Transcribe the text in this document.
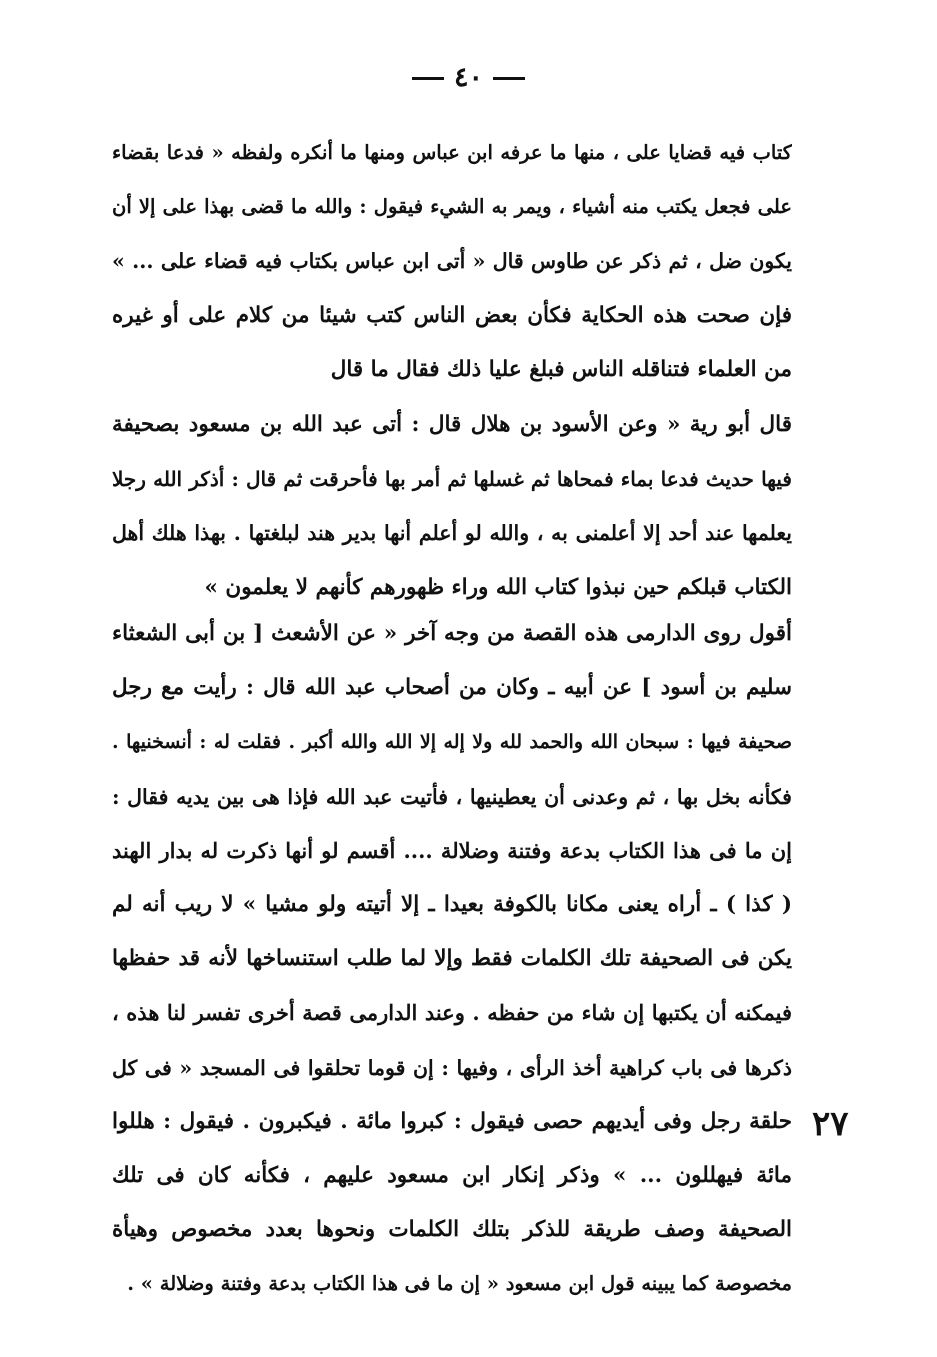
٤٠

كتاب فيه قضايا على ، منها ما عرفه ابن عباس ومنها ما أنكره ولفظه « فدعا بقضاء
على فجعل يكتب منه أشياء ، ويمر به الشيء فيقول : والله ما قضى بهذا على إلا أن
يكون ضل ، ثم ذكر عن طاوس قال « أتى ابن عباس بكتاب فيه قضاء على ... »
فإن صحت هذه الحكاية فكأن بعض الناس كتب شيئا من كلام على أو غيره
من العلماء فتناقله الناس فبلغ عليا ذلك فقال ما قال

قال أبو رية « وعن الأسود بن هلال قال : أتى عبد الله بن مسعود بصحيفة
فيها حديث فدعا بماء فمحاها ثم غسلها ثم أمر بها فأحرقت ثم قال : أذكر الله رجلا
يعلمها عند أحد إلا أعلمنى به ، والله لو أعلم أنها بدير هند لبلغتها . بهذا هلك أهل
الكتاب قبلكم حين نبذوا كتاب الله وراء ظهورهم كأنهم لا يعلمون »

أقول روى الدارمى هذه القصة من وجه آخر « عن الأشعث [ بن أبى الشعثاء
سليم بن أسود ] عن أبيه ـ وكان من أصحاب عبد الله قال : رأيت مع رجل
صحيفة فيها : سبحان الله والحمد لله ولا إله إلا الله والله أكبر . فقلت له : أنسخنيها .
فكأنه بخل بها ، ثم وعدنى أن يعطينيها ، فأتيت عبد الله فإذا هى بين يديه فقال :
إن ما فى هذا الكتاب بدعة وفتنة وضلالة .... أقسم لو أنها ذكرت له بدار الهند
( كذا ) ـ أراه يعنى مكانا بالكوفة بعيدا ـ إلا أتيته ولو مشيا » لا ريب أنه لم
يكن فى الصحيفة تلك الكلمات فقط وإلا لما طلب استنساخها لأنه قد حفظها
فيمكنه أن يكتبها إن شاء من حفظه . وعند الدارمى قصة أخرى تفسر لنا هذه ،
ذكرها فى باب كراهية أخذ الرأى ، وفيها : إن قوما تحلقوا فى المسجد « فى كل
حلقة رجل وفى أيديهم حصى فيقول : كبروا مائة . فيكبرون . فيقول : هللوا
مائة فيهللون ... » وذكر إنكار ابن مسعود عليهم ، فكأنه كان فى تلك
الصحيفة وصف طريقة للذكر بتلك الكلمات ونحوها بعدد مخصوص وهيأة
مخصوصة كما يبينه قول ابن مسعود « إن ما فى هذا الكتاب بدعة وفتنة وضلالة » .

٢٧
